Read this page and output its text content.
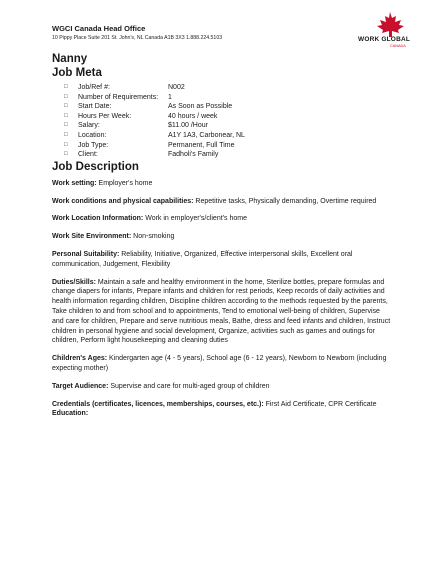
WORK GLOBAL
CANADA

WGCI Canada Head Office

10 Pippy Place Suite 201 St. John's, NL Canada A1B 3X3 1.888.224.5103

Nanny
Job Meta
□	Job/Ref #:	N002
□	Number of Requirements:	1
□	Start Date:	As Soon as Possible
□	Hours Per Week:	40 hours / week
□	Salary:	$11.00 /Hour
□	Location:	A1Y 1A3, Carbonear, NL
□	Job Type:	Permanent, Full Time
□	Client:	Fadholi's Family
Job Description

Work setting: Employer's home

Work conditions and physical capabilities: Repetitive tasks, Physically demanding, Overtime required

Work Location Information: Work in employer's/client's home

Work Site Environment: Non-smoking

Personal Suitability: Reliability, Initiative, Organized, Effective interpersonal skills, Excellent oral communication, Judgement, Flexibility

Duties/Skills: Maintain a safe and healthy environment in the home, Sterilize bottles, prepare formulas and change diapers for infants, Prepare infants and children for rest periods, Keep records of daily activities and health information regarding children, Discipline children according to the methods requested by the parents, Take children to and from school and to appointments, Tend to emotional well-being of children, Supervise and care for children, Prepare and serve nutritious meals, Bathe, dress and feed infants and children, Instruct children in personal hygiene and social development, Organize, activities such as games and outings for children, Perform light housekeeping and cleaning duties

Children's Ages: Kindergarten age (4 - 5 years), School age (6 - 12 years), Newborn to Newborn (including expecting mother)

Target Audience: Supervise and care for multi-aged group of children

Credentials (certificates, licences, memberships, courses, etc.): First Aid Certificate, CPR Certificate

Education:
